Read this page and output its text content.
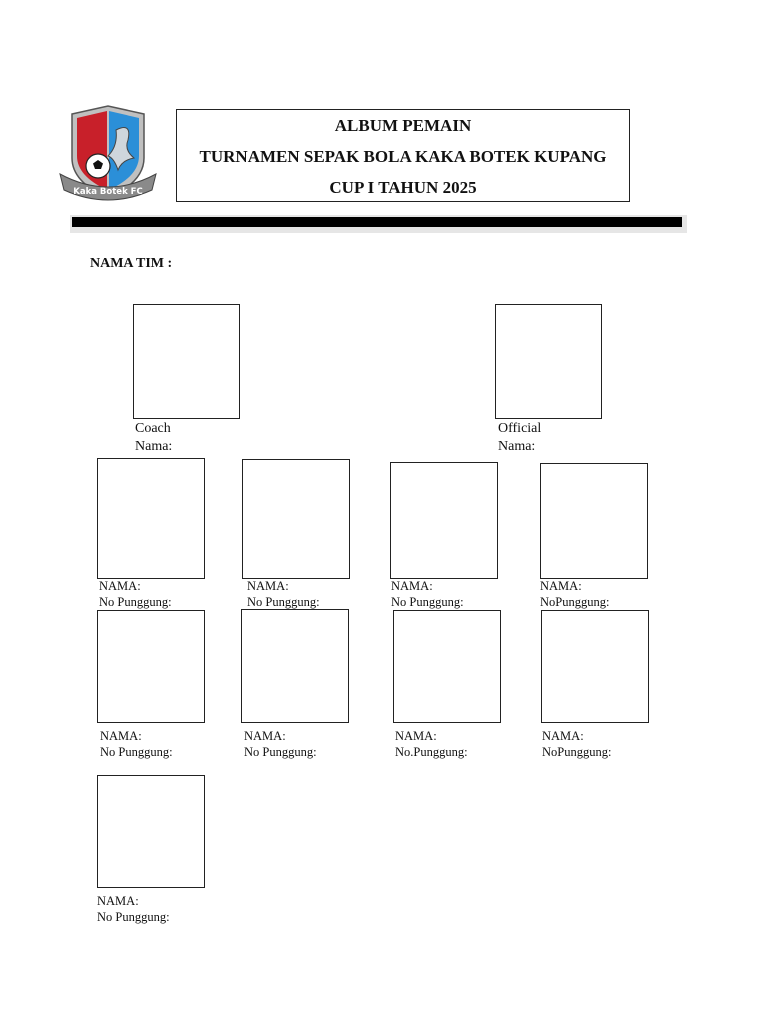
Kaka Botek FC
ALBUM PEMAIN
TURNAMEN SEPAK BOLA KAKA BOTEK KUPANG
CUP I TAHUN 2025
NAMA TIM :
Coach
Nama:
Official
Nama:
NAMA:
No Punggung:
NAMA:
No Punggung:
NAMA:
No Punggung:
NAMA:
NoPunggung:
NAMA:
No Punggung:
NAMA:
No Punggung:
NAMA:
No.Punggung:
NAMA:
NoPunggung:
NAMA:
No Punggung:
